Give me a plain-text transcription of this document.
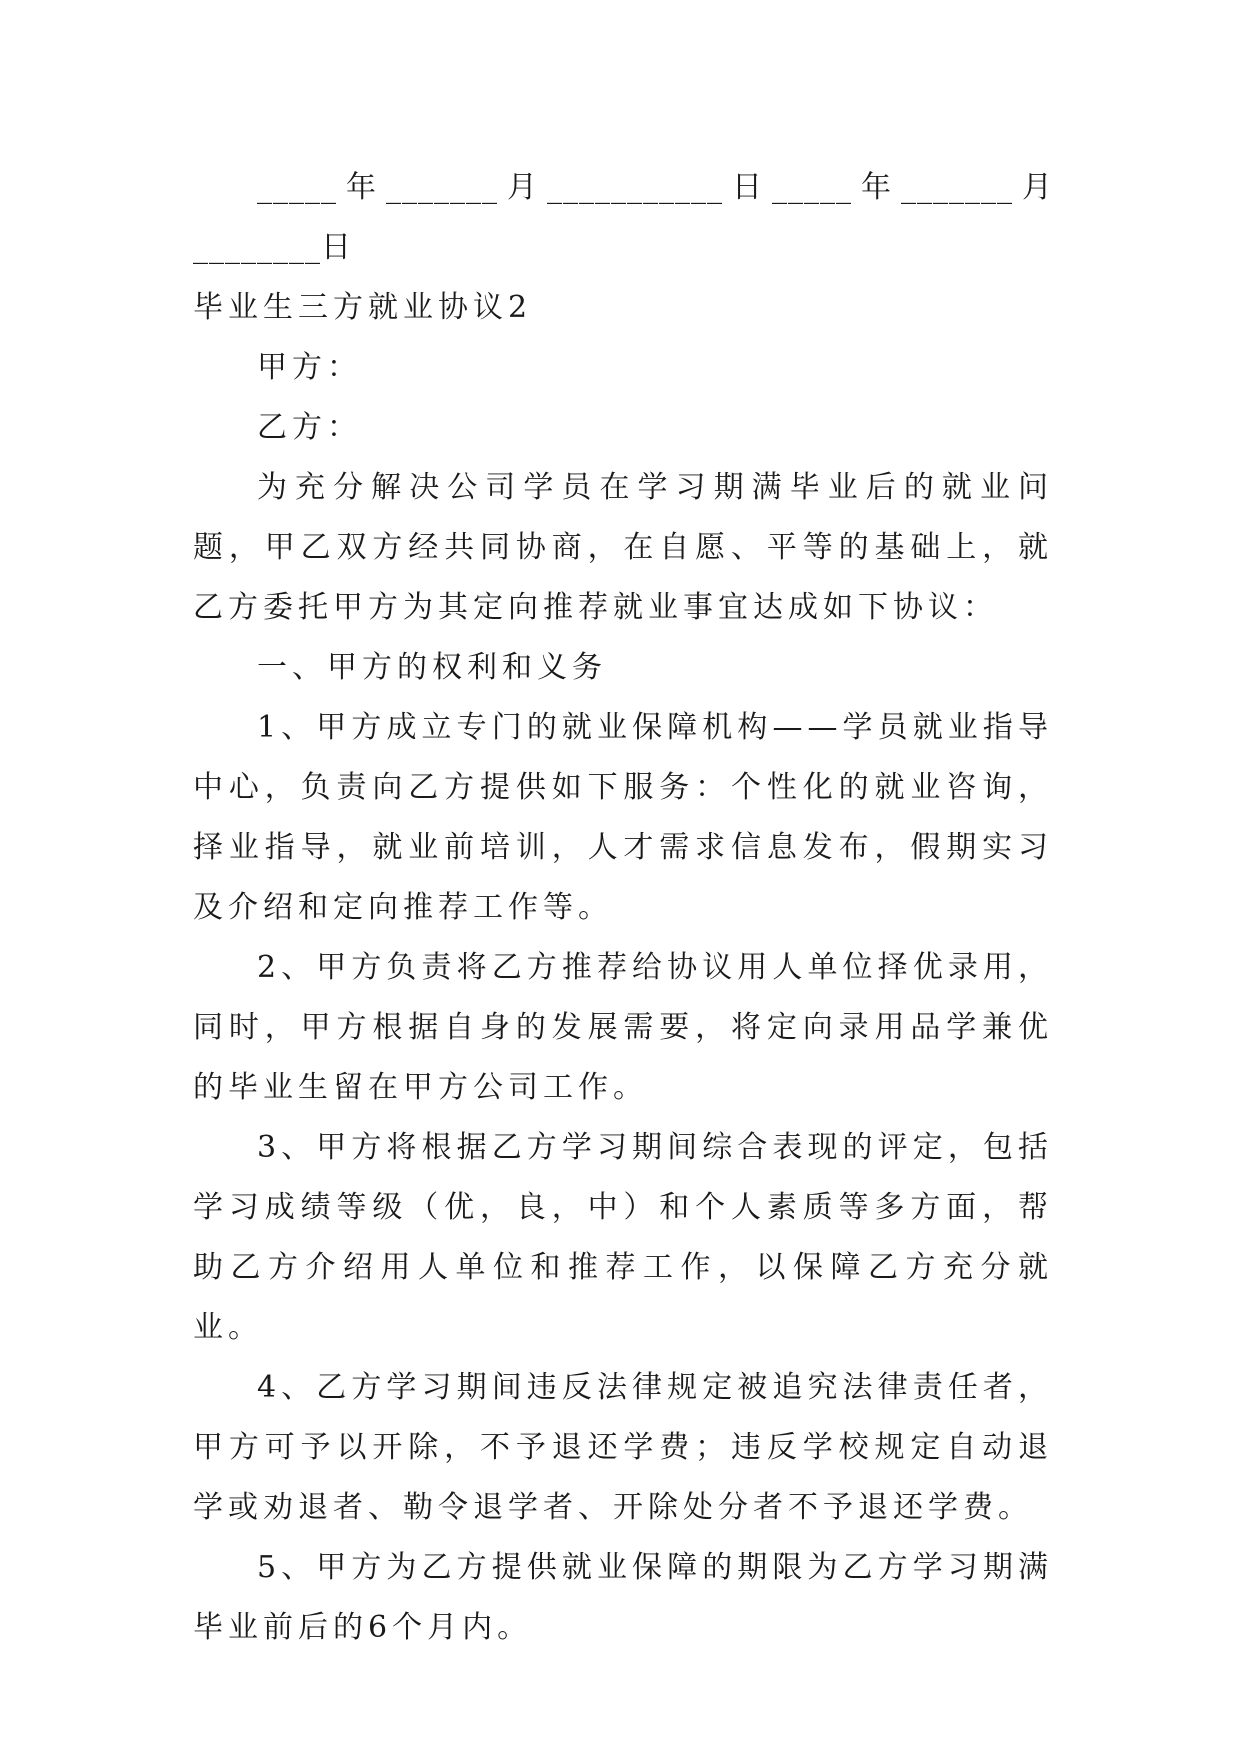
_____年_______月___________日_____年_______月________日

毕业生三方就业协议2

甲方：

乙方：

为充分解决公司学员在学习期满毕业后的就业问题，甲乙双方经共同协商，在自愿、平等的基础上，就乙方委托甲方为其定向推荐就业事宜达成如下协议：

一、甲方的权利和义务

1、甲方成立专门的就业保障机构——学员就业指导中心，负责向乙方提供如下服务：个性化的就业咨询，择业指导，就业前培训，人才需求信息发布，假期实习及介绍和定向推荐工作等。

2、甲方负责将乙方推荐给协议用人单位择优录用，同时，甲方根据自身的发展需要，将定向录用品学兼优的毕业生留在甲方公司工作。

3、甲方将根据乙方学习期间综合表现的评定，包括学习成绩等级（优，良，中）和个人素质等多方面，帮助乙方介绍用人单位和推荐工作，以保障乙方充分就业。

4、乙方学习期间违反法律规定被追究法律责任者，甲方可予以开除，不予退还学费；违反学校规定自动退学或劝退者、勒令退学者、开除处分者不予退还学费。

5、甲方为乙方提供就业保障的期限为乙方学习期满毕业前后的6个月内。
